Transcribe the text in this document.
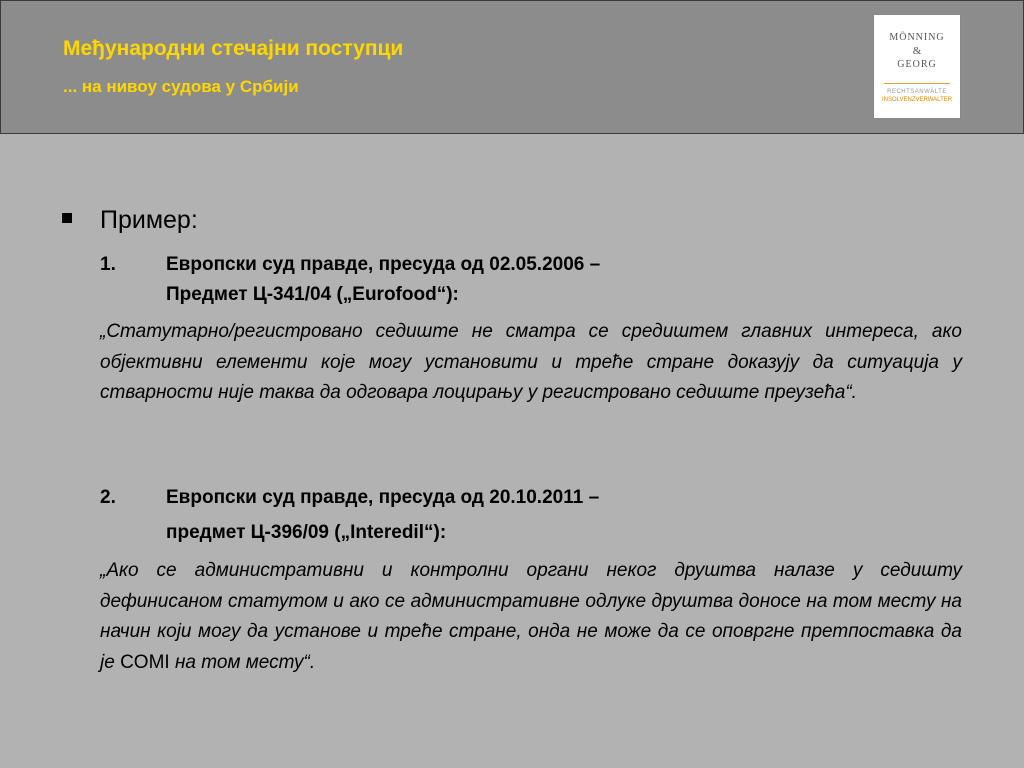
Међународни стечајни поступци
... на нивоу судова у Србији
MÖNNING
&
GEORG
RECHTSANWÄLTE
INSOLVENZVERWALTER
Пример:
1.	Европски суд правде, пресуда од 02.05.2006 –
Предмет Ц-341/04 („Eurofood“):
„Статутарно/регистровано седиште не сматра се средиштем главних интереса, ако објективни елементи које могу установити и треће стране доказују да ситуација у стварности није таква да одговара лоцирању у регистровано седиште преузећа“.
2.	Европски суд правде, пресуда од 20.10.2011 –
предмет Ц-396/09 („Interedil“):
„Ако се административни и контролни органи неког друштва налазе у седишту дефинисаном статутом и ако се административне одлуке друштва доносе на том месту на начин који могу да установе и треће стране, онда не може да се оповргне претпоставка да је COMI на том месту“.
